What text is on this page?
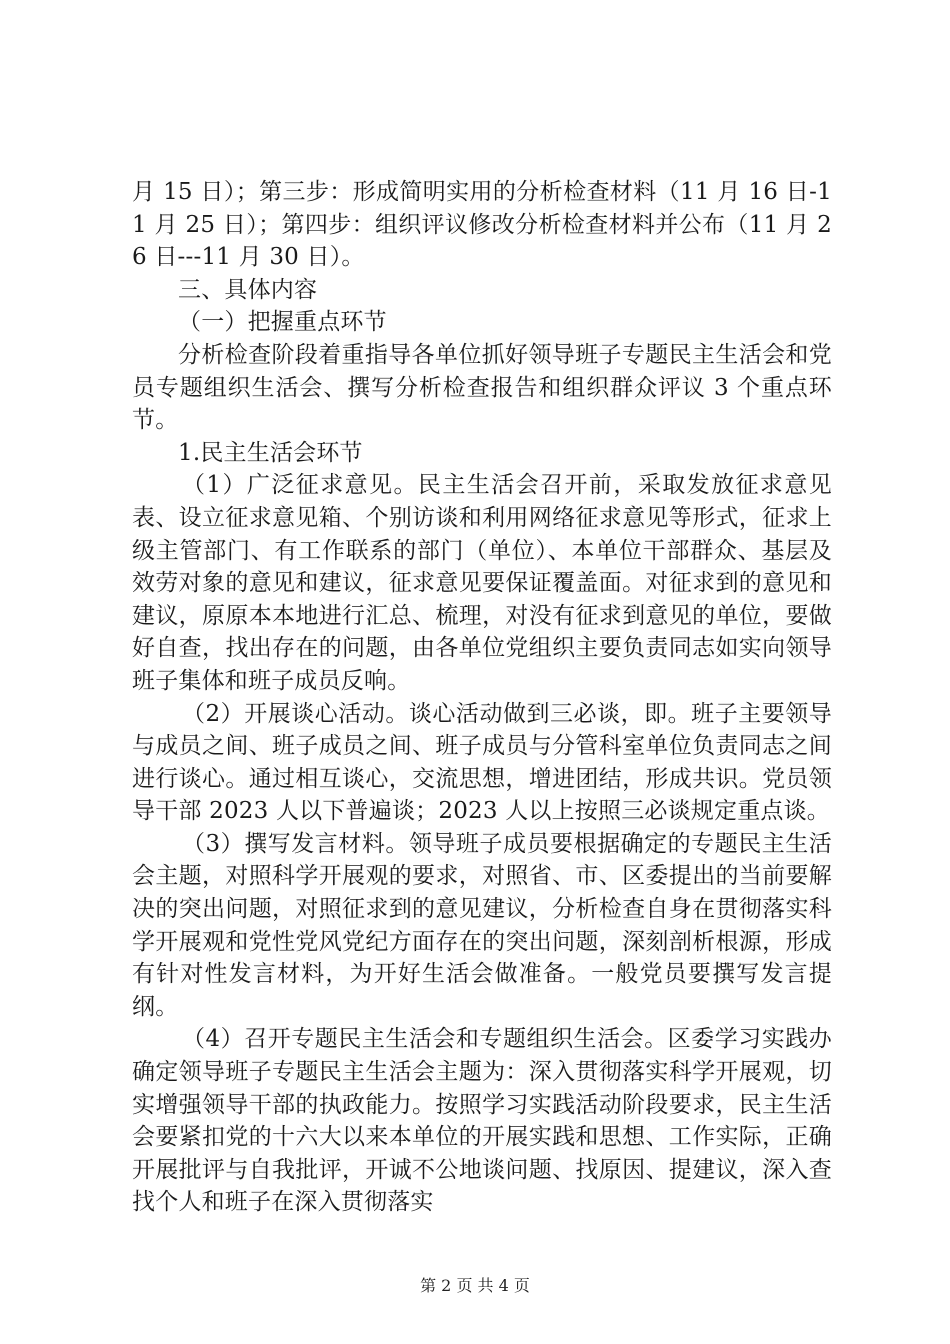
月 15 日）；第三步：形成简明实用的分析检查材料（11 月 16 日-11 月 25 日）；第四步：组织评议修改分析检查材料并公布（11 月 26 日---11 月 30 日）。

三、具体内容

（一）把握重点环节

分析检查阶段着重指导各单位抓好领导班子专题民主生活会和党员专题组织生活会、撰写分析检查报告和组织群众评议 3 个重点环节。

1.民主生活会环节

（1）广泛征求意见。民主生活会召开前，采取发放征求意见表、设立征求意见箱、个别访谈和利用网络征求意见等形式，征求上级主管部门、有工作联系的部门（单位）、本单位干部群众、基层及效劳对象的意见和建议，征求意见要保证覆盖面。对征求到的意见和建议，原原本本地进行汇总、梳理，对没有征求到意见的单位，要做好自查，找出存在的问题，由各单位党组织主要负责同志如实向领导班子集体和班子成员反响。

（2）开展谈心活动。谈心活动做到三必谈，即。班子主要领导与成员之间、班子成员之间、班子成员与分管科室单位负责同志之间进行谈心。通过相互谈心，交流思想，增进团结，形成共识。党员领导干部 2023 人以下普遍谈；2023 人以上按照三必谈规定重点谈。

（3）撰写发言材料。领导班子成员要根据确定的专题民主生活会主题，对照科学开展观的要求，对照省、市、区委提出的当前要解决的突出问题，对照征求到的意见建议，分析检查自身在贯彻落实科学开展观和党性党风党纪方面存在的突出问题，深刻剖析根源，形成有针对性发言材料，为开好生活会做准备。一般党员要撰写发言提纲。

（4）召开专题民主生活会和专题组织生活会。区委学习实践办确定领导班子专题民主生活会主题为：深入贯彻落实科学开展观，切实增强领导干部的执政能力。按照学习实践活动阶段要求，民主生活会要紧扣党的十六大以来本单位的开展实践和思想、工作实际，正确开展批评与自我批评，开诚不公地谈问题、找原因、提建议，深入查找个人和班子在深入贯彻落实

第 2 页 共 4 页
